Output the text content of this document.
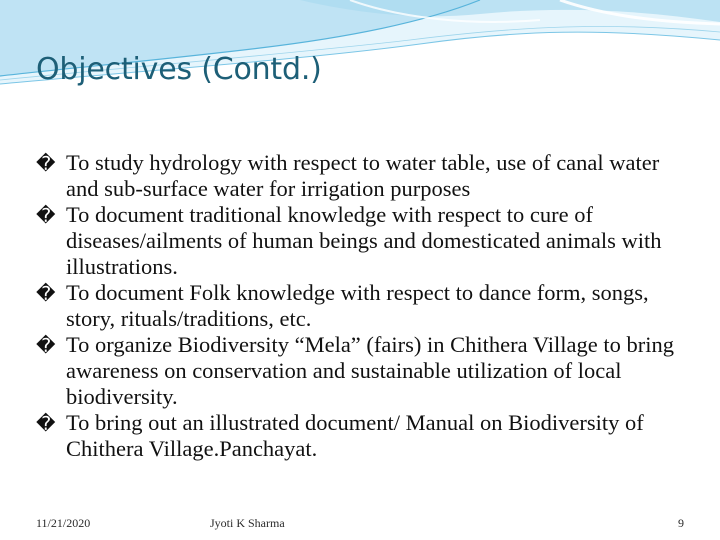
Objectives (Contd.)

� To study hydrology with respect to water table, use of canal water and sub-surface water for irrigation purposes

� To document traditional knowledge with respect to cure of diseases/ailments of human beings and domesticated animals with illustrations.

� To document Folk knowledge with respect to dance form, songs, story, rituals/traditions, etc.

� To organize Biodiversity “Mela” (fairs) in Chithera Village to bring awareness on conservation and sustainable utilization of local biodiversity.

� To bring out an illustrated document/ Manual on Biodiversity of Chithera Village.Panchayat.

11/21/2020	Jyoti K Sharma	9
